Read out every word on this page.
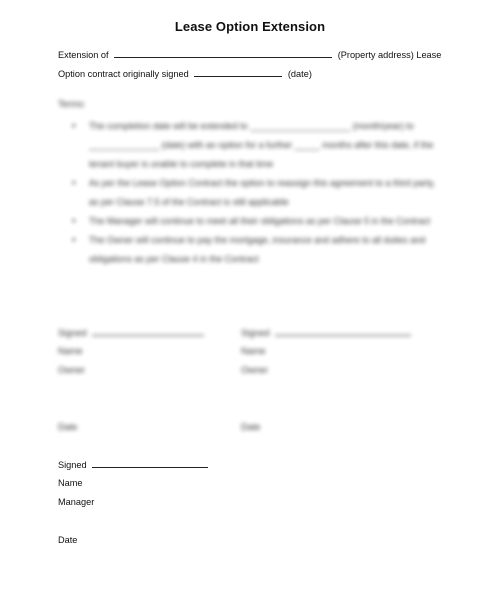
Lease Option Extension
Extension of	(Property address) Lease
Option contract originally signed	(date)
Terms:
• The completion date will be extended to ____________________ (month/year) to ______________ (date) with an option for a further _____ months after this date, if the tenant buyer is unable to complete in that time
• As per the Lease Option Contract the option to reassign this agreement to a third party, as per Clause 7.5 of the Contract is still applicable
• The Manager will continue to meet all their obligations as per Clause 5 in the Contract
• The Owner will continue to pay the mortgage, insurance and adhere to all duties and obligations as per Clause 4 in the Contract
Signed
Name
Owner
Date
Signed
Name
Owner
Date
Signed
Name
Manager
Date
